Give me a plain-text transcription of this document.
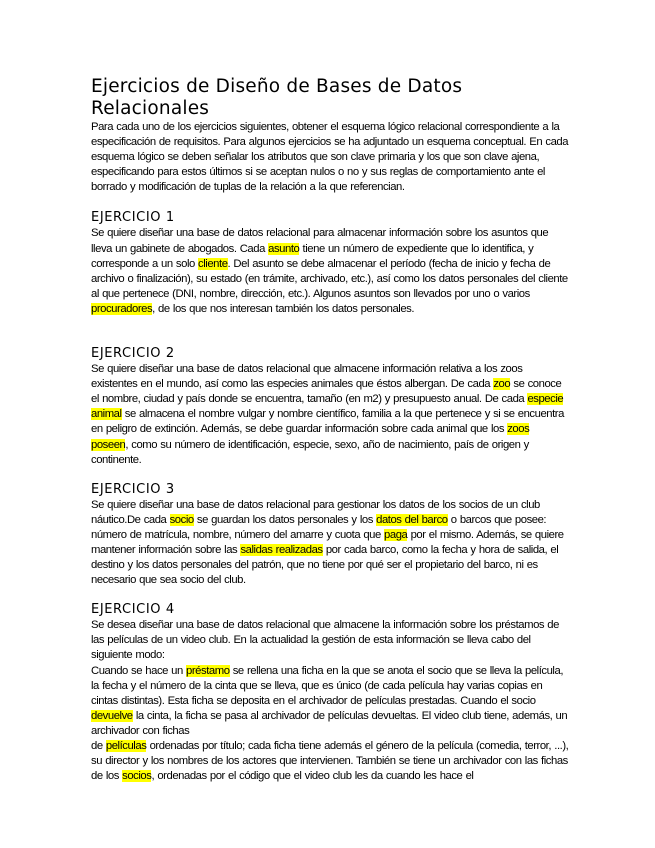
Ejercicios de Diseño de Bases de Datos Relacionales

Para cada uno de los ejercicios siguientes, obtener el esquema lógico relacional correspondiente a la especificación de requisitos. Para algunos ejercicios se ha adjuntado un esquema conceptual. En cada esquema lógico se deben señalar los atributos que son clave primaria y los que son clave ajena, especificando para estos últimos si se aceptan nulos o no y sus reglas de comportamiento ante el borrado y modificación de tuplas de la relación a la que referencian.

EJERCICIO 1

Se quiere diseñar una base de datos relacional para almacenar información sobre los asuntos que lleva un gabinete de abogados. Cada asunto tiene un número de expediente que lo identifica, y corresponde a un solo cliente. Del asunto se debe almacenar el período (fecha de inicio y fecha de archivo o finalización), su estado (en trámite, archivado, etc.), así como los datos personales del cliente al que pertenece (DNI, nombre, dirección, etc.). Algunos asuntos son llevados por uno o varios procuradores, de los que nos interesan también los datos personales.

EJERCICIO 2

Se quiere diseñar una base de datos relacional que almacene información relativa a los zoos existentes en el mundo, así como las especies animales que éstos albergan. De cada zoo se conoce el nombre, ciudad y país donde se encuentra, tamaño (en m2) y presupuesto anual. De cada especie animal se almacena el nombre vulgar y nombre científico, familia a la que pertenece y si se encuentra en peligro de extinción. Además, se debe guardar información sobre cada animal que los zoos poseen, como su número de identificación, especie, sexo, año de nacimiento, país de origen y continente.

EJERCICIO 3

Se quiere diseñar una base de datos relacional para gestionar los datos de los socios de un club náutico.De cada socio se guardan los datos personales y los datos del barco o barcos que posee: número de matrícula, nombre, número del amarre y cuota que paga por el mismo. Además, se quiere mantener información sobre las salidas realizadas por cada barco, como la fecha y hora de salida, el destino y los datos personales del patrón, que no tiene por qué ser el propietario del barco, ni es necesario que sea socio del club.

EJERCICIO 4

Se desea diseñar una base de datos relacional que almacene la información sobre los préstamos de las películas de un video club. En la actualidad la gestión de esta información se lleva cabo del siguiente modo:

Cuando se hace un préstamo se rellena una ficha en la que se anota el socio que se lleva la película, la fecha y el número de la cinta que se lleva, que es único (de cada película hay varias copias en cintas distintas). Esta ficha se deposita en el archivador de películas prestadas. Cuando el socio devuelve la cinta, la ficha se pasa al archivador de películas devueltas. El video club tiene, además, un archivador con fichas

de películas ordenadas por título; cada ficha tiene además el género de la película (comedia, terror, ...), su director y los nombres de los actores que intervienen. También se tiene un archivador con las fichas de los socios, ordenadas por el código que el video club les da cuando les hace el
